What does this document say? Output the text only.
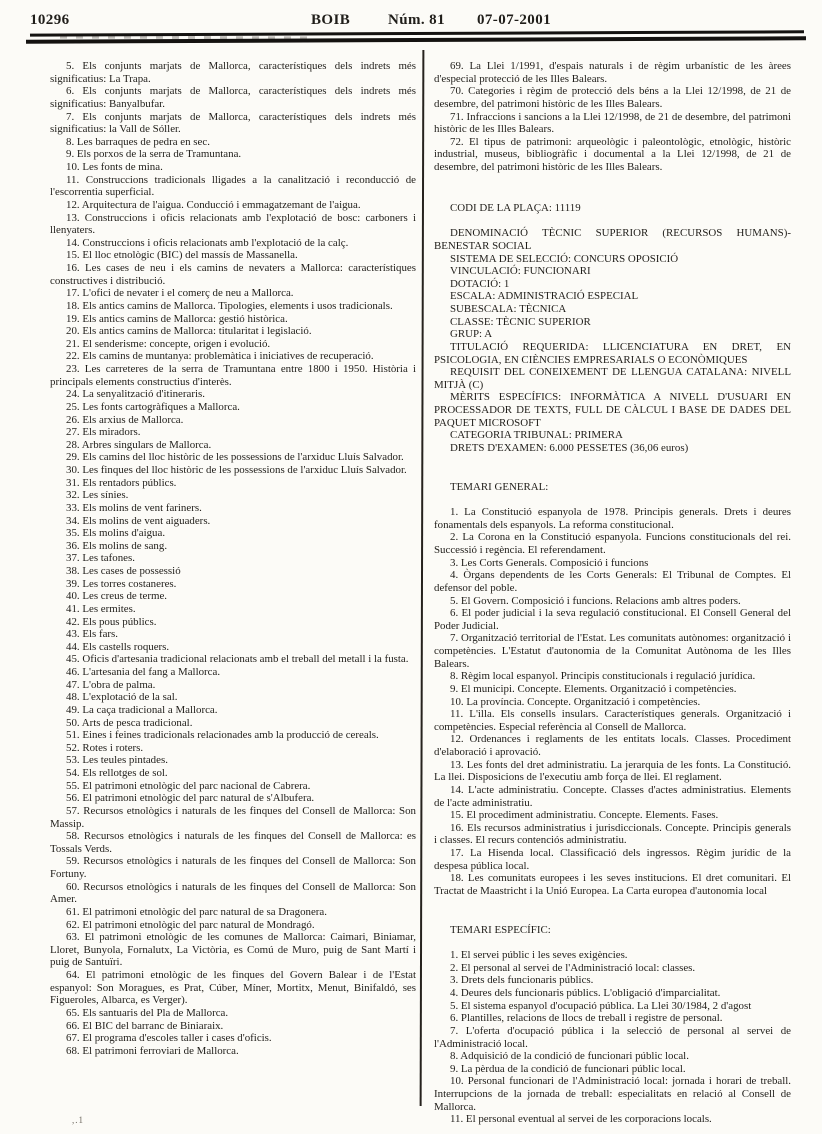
10296	BOIB	Núm. 81 07-07-2001

5. Els conjunts marjats de Mallorca, característiques dels indrets més significatius: La Trapa.

6. Els conjunts marjats de Mallorca, característiques dels indrets més significatius: Banyalbufar.

7. Els conjunts marjats de Mallorca, característiques dels indrets més significatius: la Vall de Sóller.

8. Les barraques de pedra en sec.

9. Els porxos de la serra de Tramuntana.

10. Les fonts de mina.

11. Construccions tradicionals lligades a la canalització i reconducció de l'escorrentia superficial.

12. Arquitectura de l'aigua. Conducció i emmagatzemant de l'aigua.

13. Construccions i oficis relacionats amb l'explotació de bosc: carboners i llenyaters.

14. Construccions i oficis relacionats amb l'explotació de la calç.

15. El lloc etnològic (BIC) del massís de Massanella.

16. Les cases de neu i els camins de nevaters a Mallorca: característiques constructives i distribució.

17. L'ofici de nevater i el comerç de neu a Mallorca.

18. Els antics camins de Mallorca. Tipologies, elements i usos tradicionals.

19. Els antics camins de Mallorca: gestió històrica.

20. Els antics camins de Mallorca: titularitat i legislació.

21. El senderisme: concepte, origen i evolució.

22. Els camins de muntanya: problemàtica i iniciatives de recuperació.

23. Les carreteres de la serra de Tramuntana entre 1800 i 1950. Història i principals elements constructius d'interès.

24. La senyalització d'itineraris.

25. Les fonts cartogràfiques a Mallorca.

26. Els arxius de Mallorca.

27. Els miradors.

28. Arbres singulars de Mallorca.

29. Els camins del lloc històric de les possessions de l'arxiduc Lluís Salvador.

30. Les finques del lloc històric de les possessions de l'arxiduc Lluís Salvador.

31. Els rentadors públics.

32. Les sínies.

33. Els molins de vent fariners.

34. Els molins de vent aiguaders.

35. Els molins d'aigua.

36. Els molins de sang.

37. Les tafones.

38. Les cases de possessió

39. Les torres costaneres.

40. Les creus de terme.

41. Les ermites.

42. Els pous públics.

43. Els fars.

44. Els castells roquers.

45. Oficis d'artesania tradicional relacionats amb el treball del metall i la fusta.

46. L'artesania del fang a Mallorca.

47. L'obra de palma.

48. L'explotació de la sal.

49. La caça tradicional a Mallorca.

50. Arts de pesca tradicional.

51. Eines i feines tradicionals relacionades amb la producció de cereals.

52. Rotes i roters.

53. Les teules pintades.

54. Els rellotges de sol.

55. El patrimoni etnològic del parc nacional de Cabrera.

56. El patrimoni etnològic del parc natural de s'Albufera.

57. Recursos etnològics i naturals de les finques del Consell de Mallorca: Son Massip.

58. Recursos etnològics i naturals de les finques del Consell de Mallorca: es Tossals Verds.

59. Recursos etnològics i naturals de les finques del Consell de Mallorca: Son Fortuny.

60. Recursos etnològics i naturals de les finques del Consell de Mallorca: Son Amer.

61. El patrimoni etnològic del parc natural de sa Dragonera.

62. El patrimoni etnològic del parc natural de Mondragó.

63. El patrimoni etnològic de les comunes de Mallorca: Caimari, Biniamar, Lloret, Bunyola, Fornalutx, La Victòria, es Comú de Muro, puig de Sant Martí i puig de Santuïri.

64. El patrimoni etnològic de les finques del Govern Balear i de l'Estat espanyol: Son Moragues, es Prat, Cúber, Míner, Mortitx, Menut, Binifaldó, ses Figueroles, Albarca, es Verger).

65. Els santuaris del Pla de Mallorca.

66. El BIC del barranc de Biniaraix.

67. El programa d'escoles taller i cases d'oficis.

68. El patrimoni ferroviari de Mallorca.

69. La Llei 1/1991, d'espais naturals i de règim urbanístic de les àrees d'especial protecció de les Illes Balears.

70. Categories i règim de protecció dels béns a la Llei 12/1998, de 21 de desembre, del patrimoni històric de les Illes Balears.

71. Infraccions i sancions a la Llei 12/1998, de 21 de desembre, del patrimoni històric de les Illes Balears.

72. El tipus de patrimoni: arqueològic i paleontològic, etnològic, històric industrial, museus, bibliogràfic i documental a la Llei 12/1998, de 21 de desembre, del patrimoni històric de les Illes Balears.

CODI DE LA PLAÇA: 11119

DENOMINACIÓ TÈCNIC SUPERIOR (RECURSOS HUMANS)-BENESTAR SOCIAL

SISTEMA DE SELECCIÓ: CONCURS OPOSICIÓ

VINCULACIÓ: FUNCIONARI

DOTACIÓ: 1

ESCALA: ADMINISTRACIÓ ESPECIAL

SUBESCALA: TÈCNICA

CLASSE: TÈCNIC SUPERIOR

GRUP: A

TITULACIÓ REQUERIDA: LLICENCIATURA EN DRET, EN PSICOLOGIA, EN CIÈNCIES EMPRESARIALS O ECONÒMIQUES

REQUISIT DEL CONEIXEMENT DE LLENGUA CATALANA: NIVELL MITJÀ (C)

MÈRITS ESPECÍFICS: INFORMÀTICA A NIVELL D'USUARI EN PROCESSADOR DE TEXTS, FULL DE CÀLCUL I BASE DE DADES DEL PAQUET MICROSOFT

CATEGORIA TRIBUNAL: PRIMERA

DRETS D'EXAMEN: 6.000 PESSETES (36,06 euros)

TEMARI GENERAL:

1. La Constitució espanyola de 1978. Principis generals. Drets i deures fonamentals dels espanyols. La reforma constitucional.

2. La Corona en la Constitució espanyola. Funcions constitucionals del rei. Successió i regència. El referendament.

3. Les Corts Generals. Composició i funcions

4. Òrgans dependents de les Corts Generals: El Tribunal de Comptes. El defensor del poble.

5. El Govern. Composició i funcions. Relacions amb altres poders.

6. El poder judicial i la seva regulació constitucional. El Consell General del Poder Judicial.

7. Organització territorial de l'Estat. Les comunitats autònomes: organització i competències. L'Estatut d'autonomia de la Comunitat Autònoma de les Illes Balears.

8. Règim local espanyol. Principis constitucionals i regulació jurídica.

9. El municipi. Concepte. Elements. Organització i competències.

10. La província. Concepte. Organització i competències.

11. L'illa. Els consells insulars. Característiques generals. Organització i competències. Especial referència al Consell de Mallorca.

12. Ordenances i reglaments de les entitats locals. Classes. Procediment d'elaboració i aprovació.

13. Les fonts del dret administratiu. La jerarquia de les fonts. La Constitució. La llei. Disposicions de l'executiu amb força de llei. El reglament.

14. L'acte administratiu. Concepte. Classes d'actes administratius. Elements de l'acte administratiu.

15. El procediment administratiu. Concepte. Elements. Fases.

16. Els recursos administratius i jurisdiccionals. Concepte. Principis generals i classes. El recurs contenciós administratiu.

17. La Hisenda local. Classificació dels ingressos. Règim jurídic de la despesa pública local.

18. Les comunitats europees i les seves institucions. El dret comunitari. El Tractat de Maastricht i la Unió Europea. La Carta europea d'autonomia local

TEMARI ESPECÍFIC:

1. El servei públic i les seves exigències.

2. El personal al servei de l'Administració local: classes.

3. Drets dels funcionaris públics.

4. Deures dels funcionaris públics. L'obligació d'imparcialitat.

5. El sistema espanyol d'ocupació pública. La Llei 30/1984, 2 d'agost

6. Plantilles, relacions de llocs de treball i registre de personal.

7. L'oferta d'ocupació pública i la selecció de personal al servei de l'Administració local.

8. Adquisició de la condició de funcionari públic local.

9. La pèrdua de la condició de funcionari públic local.

10. Personal funcionari de l'Administració local: jornada i horari de treball. Interrupcions de la jornada de treball: especialitats en relació al Consell de Mallorca.

11. El personal eventual al servei de les corporacions locals.

,.1
